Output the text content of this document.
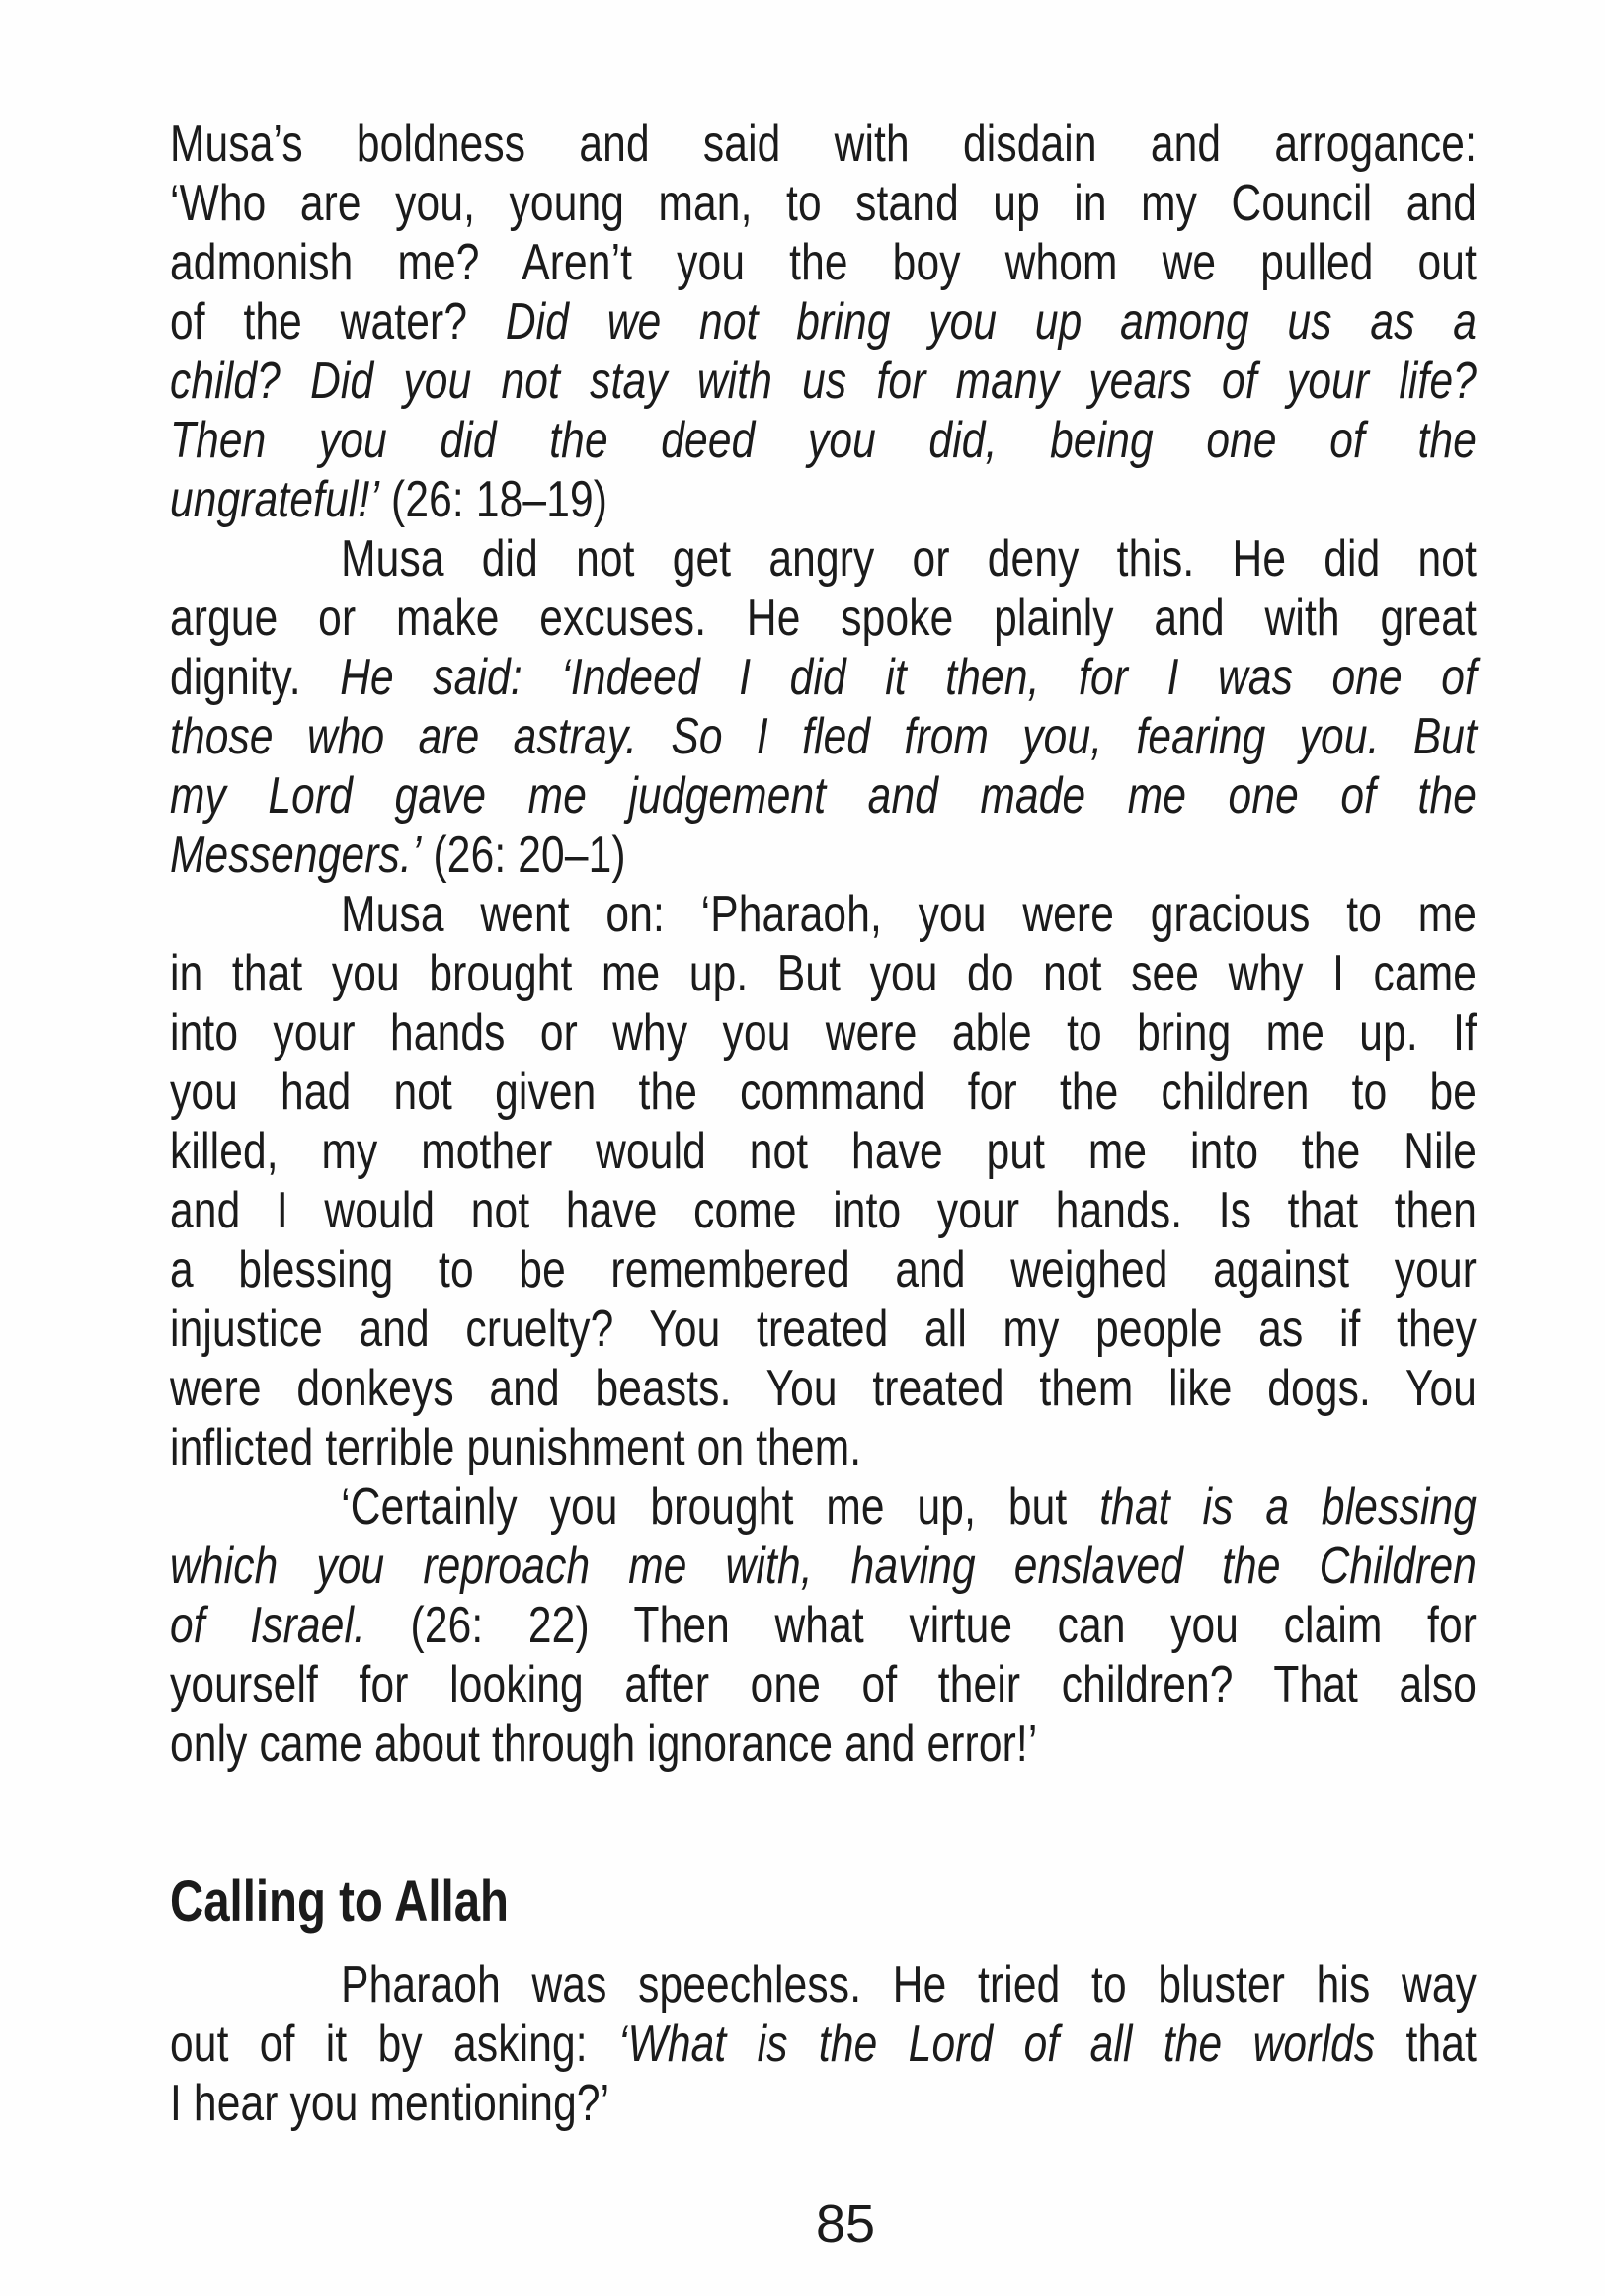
Musa’s boldness and said with disdain and arrogance:
‘Who are you, young man, to stand up in my Council and
admonish me? Aren’t you the boy whom we pulled out
of the water? Did we not bring you up among us as a
child? Did you not stay with us for many years of your life?
Then you did the deed you did, being one of the
ungrateful!’ (26: 18–19)
Musa did not get angry or deny this. He did not
argue or make excuses. He spoke plainly and with great
dignity. He said: ‘Indeed I did it then, for I was one of
those who are astray. So I fled from you, fearing you. But
my Lord gave me judgement and made me one of the
Messengers.’ (26: 20–1)
Musa went on: ‘Pharaoh, you were gracious to me
in that you brought me up. But you do not see why I came
into your hands or why you were able to bring me up. If
you had not given the command for the children to be
killed, my mother would not have put me into the Nile
and I would not have come into your hands. Is that then
a blessing to be remembered and weighed against your
injustice and cruelty? You treated all my people as if they
were donkeys and beasts. You treated them like dogs. You
inflicted terrible punishment on them.
‘Certainly you brought me up, but that is a blessing
which you reproach me with, having enslaved the Children
of Israel. (26: 22) Then what virtue can you claim for
yourself for looking after one of their children? That also
only came about through ignorance and error!’
Calling to Allah
Pharaoh was speechless. He tried to bluster his way
out of it by asking: ‘What is the Lord of all the worlds that
I hear you mentioning?’
85
